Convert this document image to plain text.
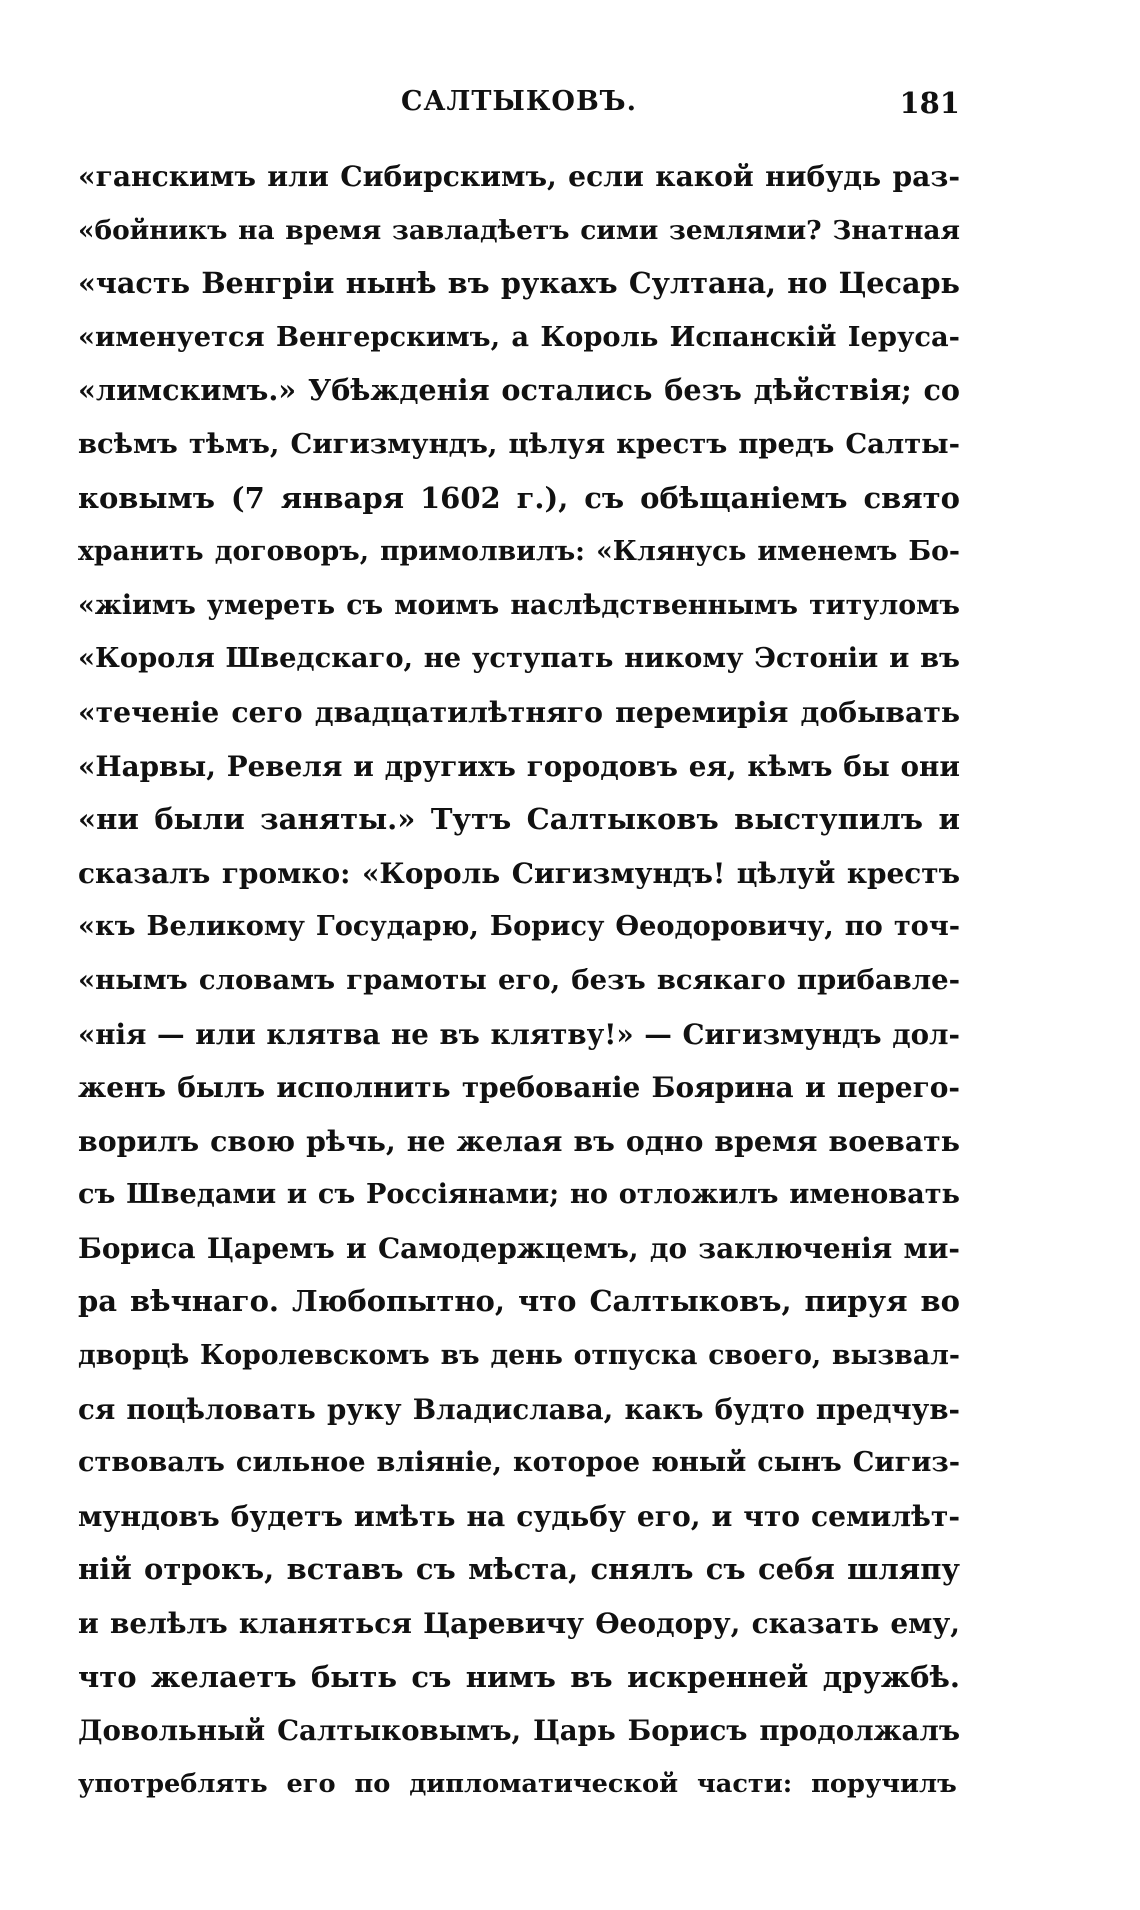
САЛТЫКОВЪ.	181
«ганскимъ или Сибирскимъ, если какой нибудь раз-
«бойникъ на время завладѣетъ сими землями? Знатная
«часть Венгріи нынѣ въ рукахъ Султана, но Цесарь
«именуется Венгерскимъ, а Король Испанскій Іеруса-
«лимскимъ.» Убѣжденія остались безъ дѣйствія; со
всѣмъ тѣмъ, Сигизмундъ, цѣлуя крестъ предъ Салты-
ковымъ (7 января 1602 г.), съ обѣщаніемъ свято
хранить договоръ, примолвилъ: «Клянусь именемъ Бо-
«жіимъ умереть съ моимъ наслѣдственнымъ титуломъ
«Короля Шведскаго, не уступать никому Эстоніи и въ
«теченіе сего двадцатилѣтняго перемирія добывать
«Нарвы, Ревеля и другихъ городовъ ея, кѣмъ бы они
«ни были заняты.» Тутъ Салтыковъ выступилъ и
сказалъ громко: «Король Сигизмундъ! цѣлуй крестъ
«къ Великому Государю, Борису Ѳеодоровичу, по точ-
«нымъ словамъ грамоты его, безъ всякаго прибавле-
«нія — или клятва не въ клятву!» — Сигизмундъ дол-
женъ былъ исполнить требованіе Боярина и перего-
ворилъ свою рѣчь, не желая въ одно время воевать
съ Шведами и съ Россіянами; но отложилъ именовать
Бориса Царемъ и Самодержцемъ, до заключенія ми-
ра вѣчнаго. Любопытно, что Салтыковъ, пируя во
дворцѣ Королевскомъ въ день отпуска своего, вызвал-
ся поцѣловать руку Владислава, какъ будто предчув-
ствовалъ сильное вліяніе, которое юный сынъ Сигиз-
мундовъ будетъ имѣть на судьбу его, и что семилѣт-
ній отрокъ, вставъ съ мѣста, снялъ съ себя шляпу
и велѣлъ кланяться Царевичу Ѳеодору, сказать ему,
что желаетъ быть съ нимъ въ искренней дружбѣ.
Довольный Салтыковымъ, Царь Борисъ продолжалъ
употреблять его по дипломатической части: поручилъ
